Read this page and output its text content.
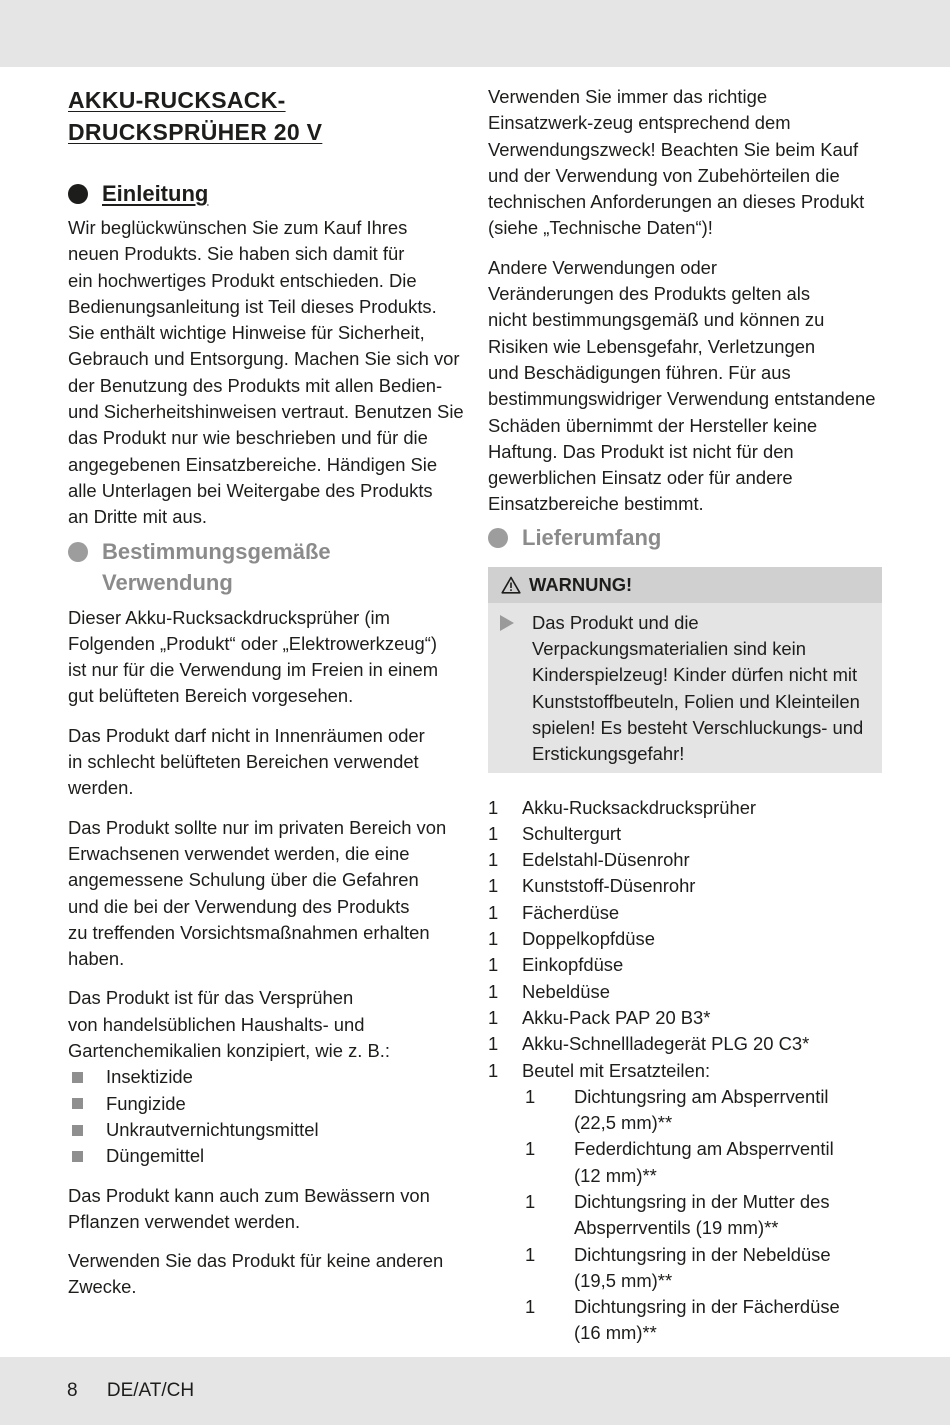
AKKU-RUCKSACK-
DRUCKSPRÜHER 20 V
Einleitung

Wir beglückwünschen Sie zum Kauf Ihres

neuen Produkts. Sie haben sich damit für

ein hochwertiges Produkt entschieden. Die

Bedienungsanleitung ist Teil dieses Produkts.

Sie enthält wichtige Hinweise für Sicherheit,

Gebrauch und Entsorgung. Machen Sie sich vor

der Benutzung des Produkts mit allen Bedien-

und Sicherheitshinweisen vertraut. Benutzen Sie

das Produkt nur wie beschrieben und für die

angegebenen Einsatzbereiche. Händigen Sie

alle Unterlagen bei Weitergabe des Produkts

an Dritte mit aus.

Bestimmungsgemäße
Verwendung

Dieser Akku-Rucksackdrucksprüher (im

Folgenden „Produkt“ oder „Elektrowerkzeug“)

ist nur für die Verwendung im Freien in einem

gut belüfteten Bereich vorgesehen.

Das Produkt darf nicht in Innenräumen oder

in schlecht belüfteten Bereichen verwendet

werden.

Das Produkt sollte nur im privaten Bereich von

Erwachsenen verwendet werden, die eine

angemessene Schulung über die Gefahren

und die bei der Verwendung des Produkts

zu treffenden Vorsichtsmaßnahmen erhalten

haben.

Das Produkt ist für das Versprühen

von handelsüblichen Haushalts- und

Gartenchemikalien konzipiert, wie z. B.:

Insektizide
Fungizide
Unkrautvernichtungsmittel
Düngemittel

Das Produkt kann auch zum Bewässern von

Pflanzen verwendet werden.

Verwenden Sie das Produkt für keine anderen

Zwecke.

Verwenden Sie immer das richtige

Einsatzwerk-zeug entsprechend dem

Verwendungszweck! Beachten Sie beim Kauf

und der Verwendung von Zubehörteilen die

technischen Anforderungen an dieses Produkt

(siehe „Technische Daten“)!

Andere Verwendungen oder

Veränderungen des Produkts gelten als

nicht bestimmungsgemäß und können zu

Risiken wie Lebensgefahr, Verletzungen

und Beschädigungen führen. Für aus

bestimmungswidriger Verwendung entstandene

Schäden übernimmt der Hersteller keine

Haftung. Das Produkt ist nicht für den

gewerblichen Einsatz oder für andere

Einsatzbereiche bestimmt.

Lieferumfang
WARNUNG!

Das Produkt und die

Verpackungsmaterialien sind kein

Kinderspielzeug! Kinder dürfen nicht mit

Kunststoffbeuteln, Folien und Kleinteilen

spielen! Es besteht Verschluckungs- und

Erstickungsgefahr!

1	Akku-Rucksackdrucksprüher
1	Schultergurt
1	Edelstahl-Düsenrohr
1	Kunststoff-Düsenrohr
1	Fächerdüse
1	Doppelkopfdüse
1	Einkopfdüse
1	Nebeldüse
1	Akku-Pack PAP 20 B3*
1	Akku-Schnellladegerät PLG 20 C3*
1	Beutel mit Ersatzteilen:
1	Dichtungsring am Absperrventil
(22,5 mm)**
1	Federdichtung am Absperrventil
(12 mm)**
1	Dichtungsring in der Mutter des
Absperrventils (19 mm)**
1	Dichtungsring in der Nebeldüse
(19,5 mm)**
1	Dichtungsring in der Fächerdüse
(16 mm)**
8 DE/AT/CH
